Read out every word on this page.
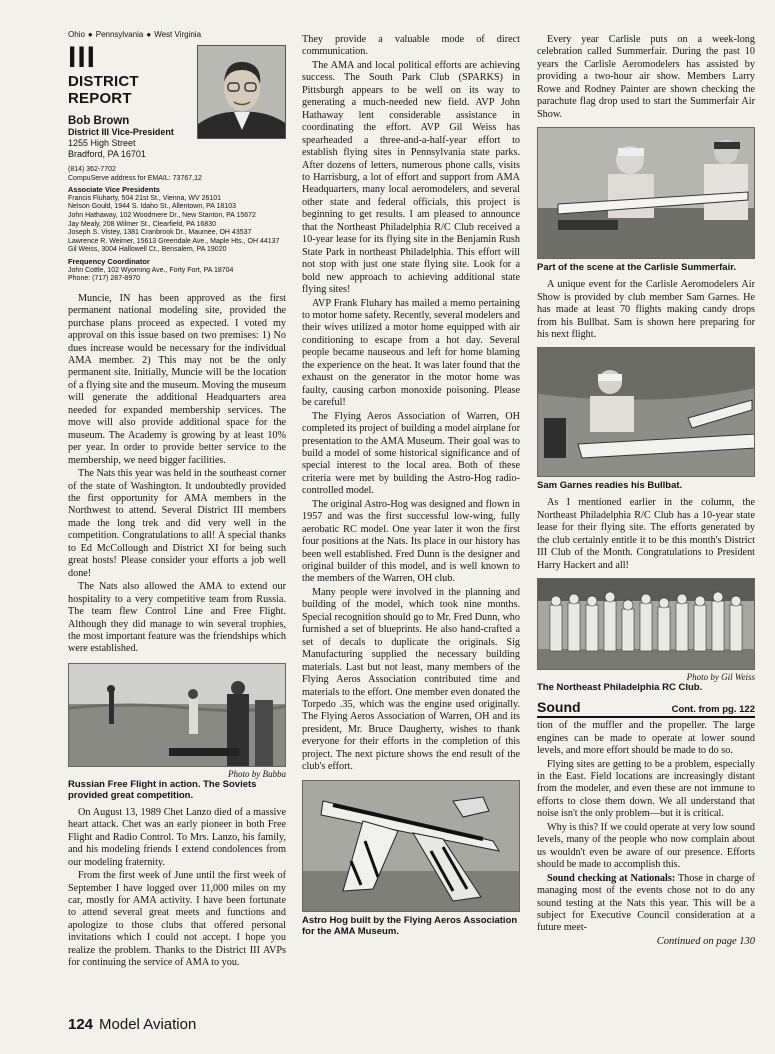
Ohio ● Pennsylvania ● West Virginia
III
DISTRICT REPORT
Bob Brown
District III Vice-President
1255 High Street
Bradford, PA 16701
(814) 362-7702
CompuServe address for EMAIL: 73767,12
Associate Vice Presidents
Francis Fluharty, 504 21st St., Vienna, WV 26101
Nelson Gould, 1944 S. Idaho St., Allentown, PA 18103
John Hathaway, 102 Woodmere Dr., New Stanton, PA 15672
Jay Mealy, 208 Wilmer St., Clearfield, PA 16830
Joseph S. Vistey, 1381 Cranbrook Dr., Maumee, OH 43537
Lawrence R. Weimer, 15613 Greendale Ave., Maple Hts., OH 44137
Gil Weiss, 3004 Hallowell Ct., Bensalem, PA 19020
Frequency Coordinator
John Cottle, 102 Wyoming Ave., Forty Fort, PA 18704
Phone: (717) 287-8970

Muncie, IN has been approved as the first permanent national modeling site, provided the purchase plans proceed as expected. I voted my approval on this issue based on two premises: 1) No dues increase would be necessary for the individual AMA member. 2) This may not be the only permanent site. Initially, Muncie will be the location of a flying site and the museum. Moving the museum will generate the additional Headquarters area needed for expanded membership services. The move will also provide additional space for the museum. The Academy is growing by at least 10% per year. In order to provide better service to the membership, we need bigger facilities.

The Nats this year was held in the southeast corner of the state of Washington. It undoubtedly provided the first opportunity for AMA members in the Northwest to attend. Several District III members made the long trek and did very well in the competition. Congratulations to all! A special thanks to Ed McCollough and District XI for being such great hosts! Please consider your efforts a job well done!

The Nats also allowed the AMA to extend our hospitality to a very competitive team from Russia. The team flew Control Line and Free Flight. Although they did manage to win several trophies, the most important feature was the friendships which were established.

Photo by Bubba
Russian Free Flight in action. The Soviets provided great competition.

On August 13, 1989 Chet Lanzo died of a massive heart attack. Chet was an early pioneer in both Free Flight and Radio Control. To Mrs. Lanzo, his family, and his modeling friends I extend condolences from our modeling fraternity.

From the first week of June until the first week of September I have logged over 11,000 miles on my car, mostly for AMA activity. I have been fortunate to attend several great meets and functions and apologize to those clubs that offered personal invitations which I could not accept. I hope you realize the problem. Thanks to the District III AVPs for continuing the service of AMA to you.

They provide a valuable mode of direct communication.

The AMA and local political efforts are achieving success. The South Park Club (SPARKS) in Pittsburgh appears to be well on its way to generating a much-needed new field. AVP John Hathaway lent considerable assistance in coordinating the effort. AVP Gil Weiss has spearheaded a three-and-a-half-year effort to establish flying sites in Pennsylvania state parks. After dozens of letters, numerous phone calls, visits to Harrisburg, a lot of effort and support from AMA Headquarters, many local aeromodelers, and several other state and federal officials, this project is beginning to get results. I am pleased to announce that the Northeast Philadelphia R/C Club received a 10-year lease for its flying site in the Benjamin Rush State Park in northeast Philadelphia. This effort will not stop with just one state flying site. Look for a bold new approach to achieving additional state flying sites!

AVP Frank Fluhary has mailed a memo pertaining to motor home safety. Recently, several modelers and their wives utilized a motor home equipped with air conditioning to escape from a hot day. Several people became nauseous and left for home blaming the experience on the heat. It was later found that the exhaust on the generator in the motor home was faulty, causing carbon monoxide poisoning. Please be careful!

The Flying Aeros Association of Warren, OH completed its project of building a model airplane for presentation to the AMA Museum. Their goal was to build a model of some historical significance and of special interest to the local area. Both of these criteria were met by building the Astro-Hog radio-controlled model.

The original Astro-Hog was designed and flown in 1957 and was the first successful low-wing, fully aerobatic RC model. One year later it won the first four positions at the Nats. Its place in our history has been well established. Fred Dunn is the designer and original builder of this model, and is well known to the members of the Warren, OH club.

Many people were involved in the planning and building of the model, which took nine months. Special recognition should go to Mr. Fred Dunn, who furnished a set of blueprints. He also hand-crafted a set of decals to duplicate the originals. Sig Manufacturing supplied the necessary building materials. Last but not least, many members of the Flying Aeros Association contributed time and materials to the effort. One member even donated the Torpedo .35, which was the engine used originally. The Flying Aeros Association of Warren, OH and its president, Mr. Bruce Daugherty, wishes to thank everyone for their efforts in the completion of this project. The next picture shows the end result of the club's effort.

Astro Hog built by the Flying Aeros Association for the AMA Museum.

Every year Carlisle puts on a week-long celebration called Summerfair. During the past 10 years the Carlisle Aeromodelers has assisted by providing a two-hour air show. Members Larry Rowe and Rodney Painter are shown checking the parachute flag drop used to start the Summerfair Air Show.

Part of the scene at the Carlisle Summerfair.

A unique event for the Carlisle Aeromodelers Air Show is provided by club member Sam Garnes. He has made at least 70 flights making candy drops from his Bullbat. Sam is shown here preparing for his next flight.

Sam Garnes readies his Bullbat.

As I mentioned earlier in the column, the Northeast Philadelphia R/C Club has a 10-year state lease for their flying site. The efforts generated by the club certainly entitle it to be this month's District III Club of the Month. Congratulations to President Harry Hackert and all!

Photo by Gil Weiss
The Northeast Philadelphia RC Club.
Sound	Cont. from pg. 122

tion of the muffler and the propeller. The large engines can be made to operate at lower sound levels, and more effort should be made to do so.

Flying sites are getting to be a problem, especially in the East. Field locations are increasingly distant from the modeler, and even these are not immune to efforts to close them down. We all understand that noise isn't the only problem—but it is critical.

Why is this? If we could operate at very low sound levels, many of the people who now complain about us wouldn't even be aware of our presence. Efforts should be made to accomplish this.

Sound checking at Nationals: Those in charge of managing most of the events chose not to do any sound testing at the Nats this year. This will be a subject for Executive Council consideration at a future meet-

Continued on page 130
124 Model Aviation
